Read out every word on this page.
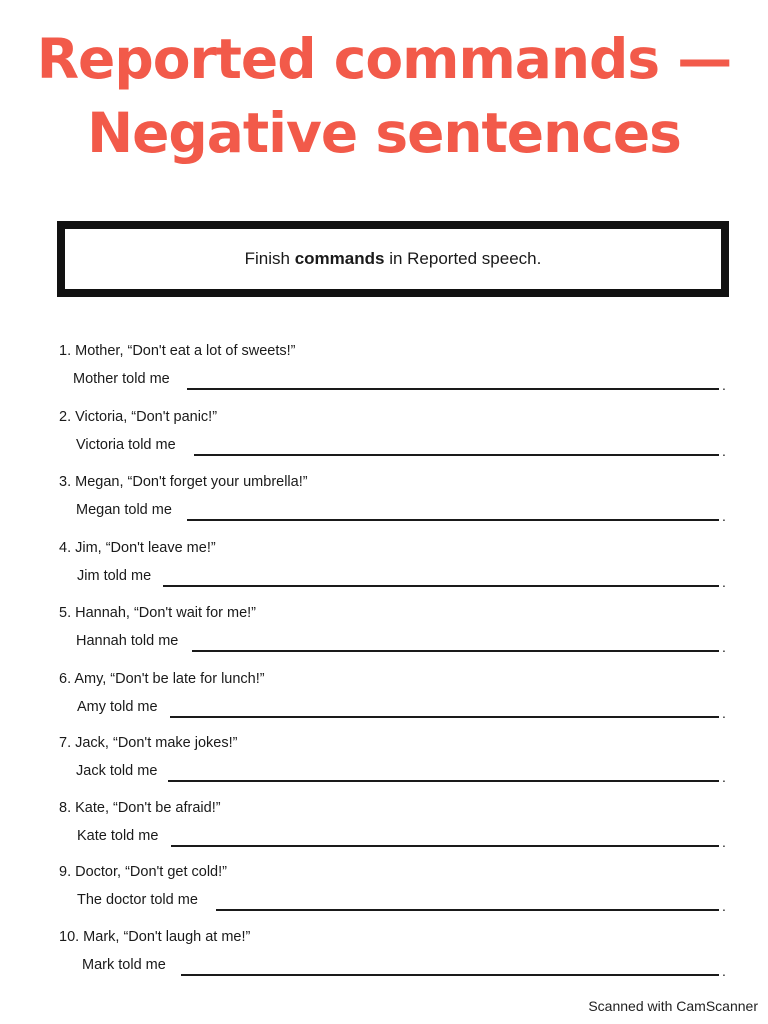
Reported commands —
Negative sentences
Finish commands in Reported speech.
1. Mother, “Don't eat a lot of sweets!”
Mother told me	.
2. Victoria, “Don't panic!”
Victoria told me	.
3. Megan, “Don't forget your umbrella!”
Megan told me	.
4. Jim, “Don't leave me!”
Jim told me	.
5. Hannah, “Don't wait for me!”
Hannah told me	.
6. Amy, “Don't be late for lunch!”
Amy told me	.
7. Jack, “Don't make jokes!”
Jack told me	.
8. Kate, “Don't be afraid!”
Kate told me	.
9. Doctor, “Don't get cold!”
The doctor told me	.
10. Mark, “Don't laugh at me!”
Mark told me	.
Scanned with CamScanner
